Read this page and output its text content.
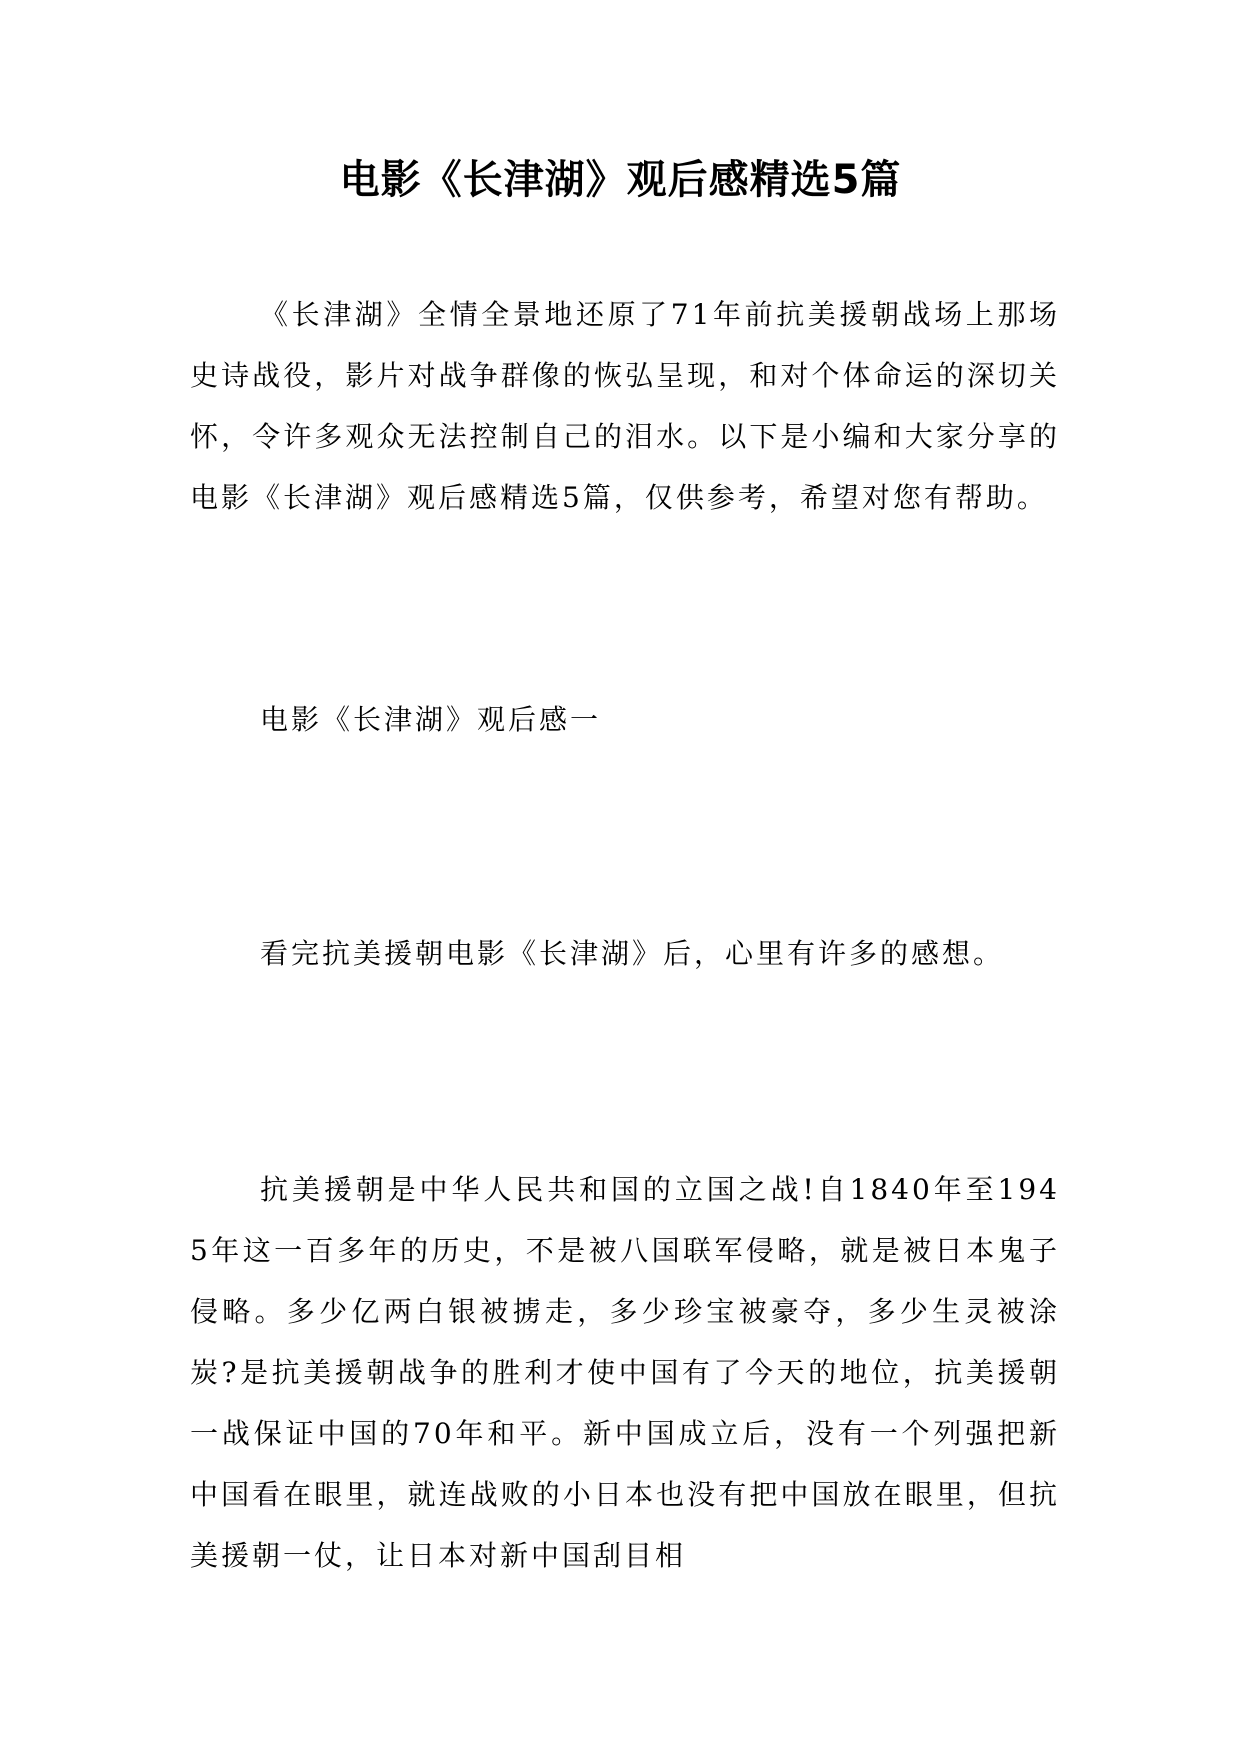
电影《长津湖》观后感精选5篇

《长津湖》全情全景地还原了71年前抗美援朝战场上那场史诗战役，影片对战争群像的恢弘呈现，和对个体命运的深切关怀，令许多观众无法控制自己的泪水。以下是小编和大家分享的电影《长津湖》观后感精选5篇，仅供参考，希望对您有帮助。

电影《长津湖》观后感一

看完抗美援朝电影《长津湖》后，心里有许多的感想。

抗美援朝是中华人民共和国的立国之战!自1840年至1945年这一百多年的历史，不是被八国联军侵略，就是被日本鬼子侵略。多少亿两白银被掳走，多少珍宝被豪夺，多少生灵被涂炭?是抗美援朝战争的胜利才使中国有了今天的地位，抗美援朝一战保证中国的70年和平。新中国成立后，没有一个列强把新中国看在眼里，就连战败的小日本也没有把中国放在眼里，但抗美援朝一仗，让日本对新中国刮目相
